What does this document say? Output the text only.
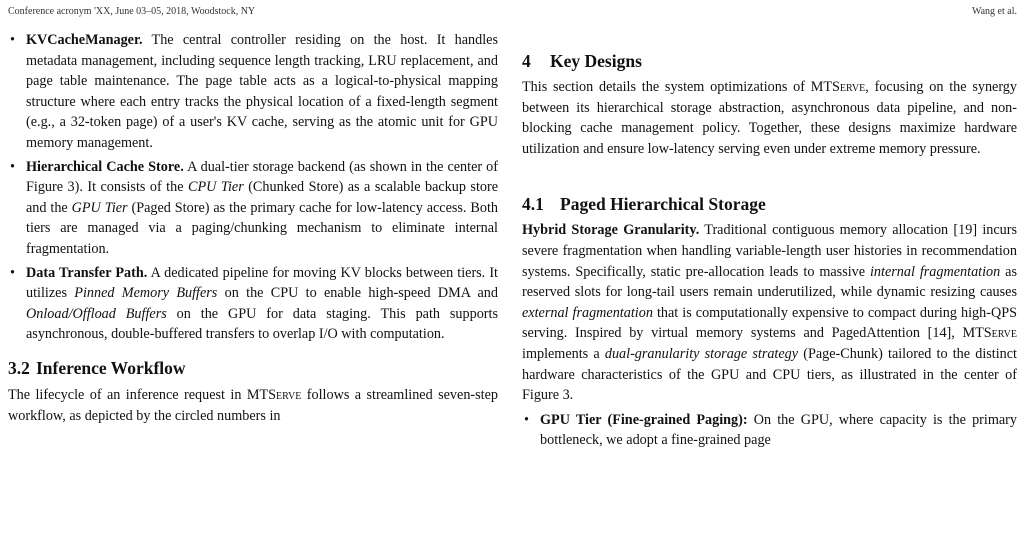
Conference acronym 'XX, June 03–05, 2018, Woodstock, NY	Wang et al.
• KVCacheManager. The central controller residing on the host. It handles metadata management, including sequence length tracking, LRU replacement, and page table maintenance. The page table acts as a logical-to-physical mapping structure where each entry tracks the physical location of a fixed-length segment (e.g., a 32-token page) of a user's KV cache, serving as the atomic unit for GPU memory management.
• Hierarchical Cache Store. A dual-tier storage backend (as shown in the center of Figure 3). It consists of the CPU Tier (Chunked Store) as a scalable backup store and the GPU Tier (Paged Store) as the primary cache for low-latency access. Both tiers are managed via a paging/chunking mechanism to eliminate internal fragmentation.
• Data Transfer Path. A dedicated pipeline for moving KV blocks between tiers. It utilizes Pinned Memory Buffers on the CPU to enable high-speed DMA and Onload/Offload Buffers on the GPU for data staging. This path supports asynchronous, double-buffered transfers to overlap I/O with computation.
3.2 Inference Workflow

The lifecycle of an inference request in MTServe follows a streamlined seven-step workflow, as depicted by the circled numbers in

4 Key Designs

This section details the system optimizations of MTServe, focusing on the synergy between its hierarchical storage abstraction, asynchronous data pipeline, and non-blocking cache management policy. Together, these designs maximize hardware utilization and ensure low-latency serving even under extreme memory pressure.

4.1 Paged Hierarchical Storage

Hybrid Storage Granularity. Traditional contiguous memory allocation [19] incurs severe fragmentation when handling variable-length user histories in recommendation systems. Specifically, static pre-allocation leads to massive internal fragmentation as reserved slots for long-tail users remain underutilized, while dynamic resizing causes external fragmentation that is computationally expensive to compact during high-QPS serving. Inspired by virtual memory systems and PagedAttention [14], MTServe implements a dual-granularity storage strategy (Page-Chunk) tailored to the distinct hardware characteristics of the GPU and CPU tiers, as illustrated in the center of Figure 3.

• GPU Tier (Fine-grained Paging): On the GPU, where capacity is the primary bottleneck, we adopt a fine-grained page
